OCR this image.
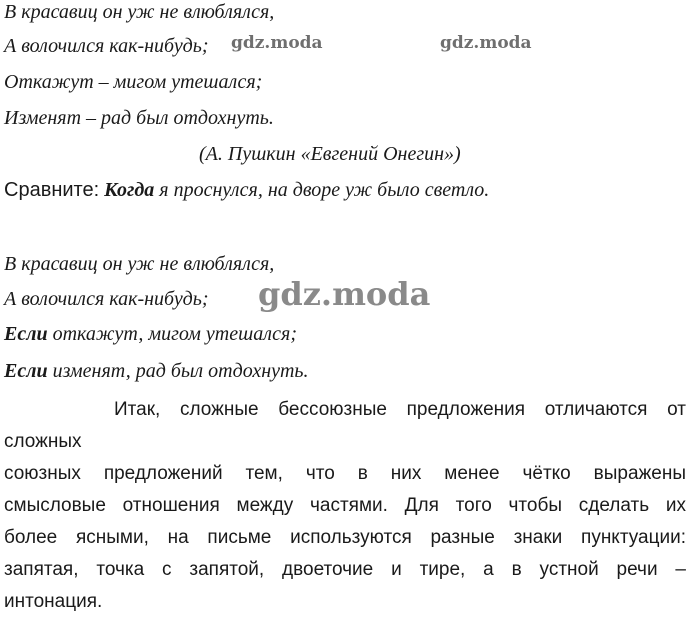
В красавиц он уж не влюблялся,
А волочился как-нибудь;
Откажут – мигом утешался;
Изменят – рад был отдохнуть.
(А. Пушкин «Евгений Онегин»)
Сравните: Когда я проснулся, на дворе уж было светло.
В красавиц он уж не влюблялся,
А волочился как-нибудь;
Если откажут, мигом утешался;
Если изменят, рад был отдохнуть.
Итак, сложные бессоюзные предложения отличаются от сложных
союзных предложений тем, что в них менее чётко выражены
смысловые отношения между частями. Для того чтобы сделать их
более ясными, на письме используются разные знаки пунктуации:
запятая, точка с запятой, двоеточие и тире, а в устной речи –
интонация.
gdz.moda	gdz.moda
gdz.moda
